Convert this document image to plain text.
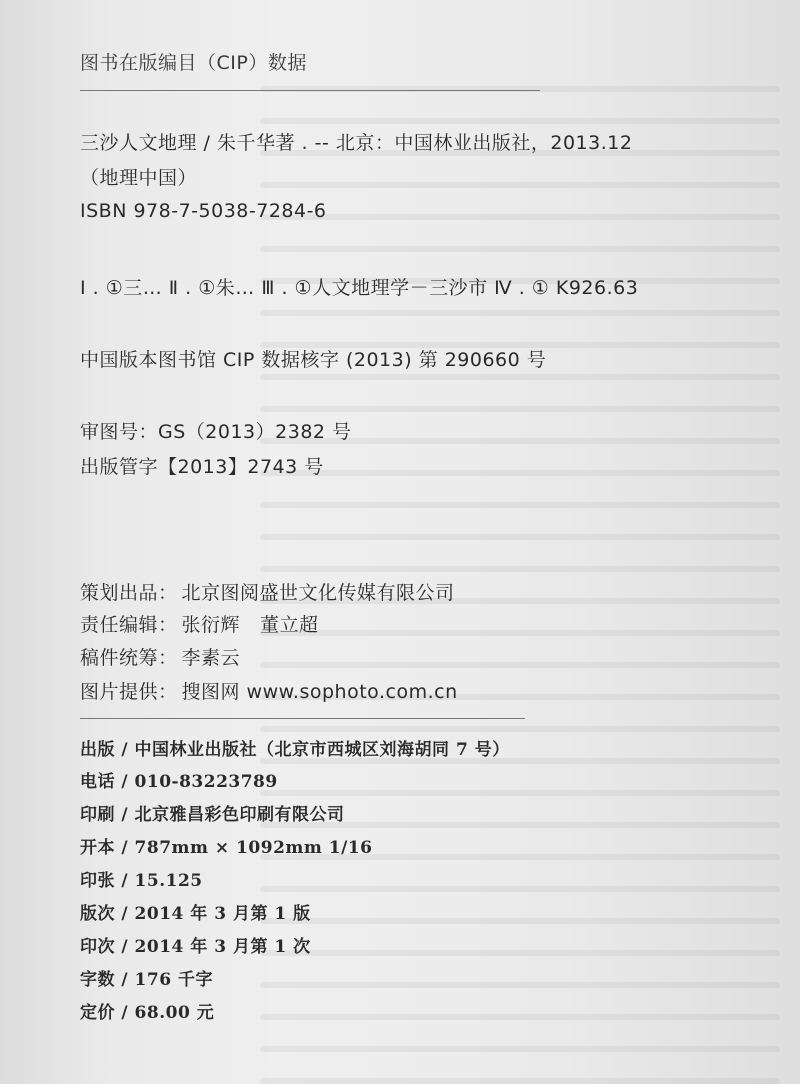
图书在版编目（CIP）数据
三沙人文地理 / 朱千华著 . -- 北京：中国林业出版社，2013.12
（地理中国）
ISBN 978-7-5038-7284-6
Ⅰ . ①三… Ⅱ . ①朱… Ⅲ . ①人文地理学－三沙市 Ⅳ . ① K926.63
中国版本图书馆 CIP 数据核字 (2013) 第 290660 号
审图号：GS（2013）2382 号
出版管字【2013】2743 号
策划出品： 北京图阅盛世文化传媒有限公司
责任编辑： 张衍辉 董立超
稿件统筹： 李素云
图片提供： 搜图网 www.sophoto.com.cn
出版 / 中国林业出版社（北京市西城区刘海胡同 7 号）
电话 / 010-83223789
印刷 / 北京雅昌彩色印刷有限公司
开本 / 787mm × 1092mm 1/16
印张 / 15.125
版次 / 2014 年 3 月第 1 版
印次 / 2014 年 3 月第 1 次
字数 / 176 千字
定价 / 68.00 元
